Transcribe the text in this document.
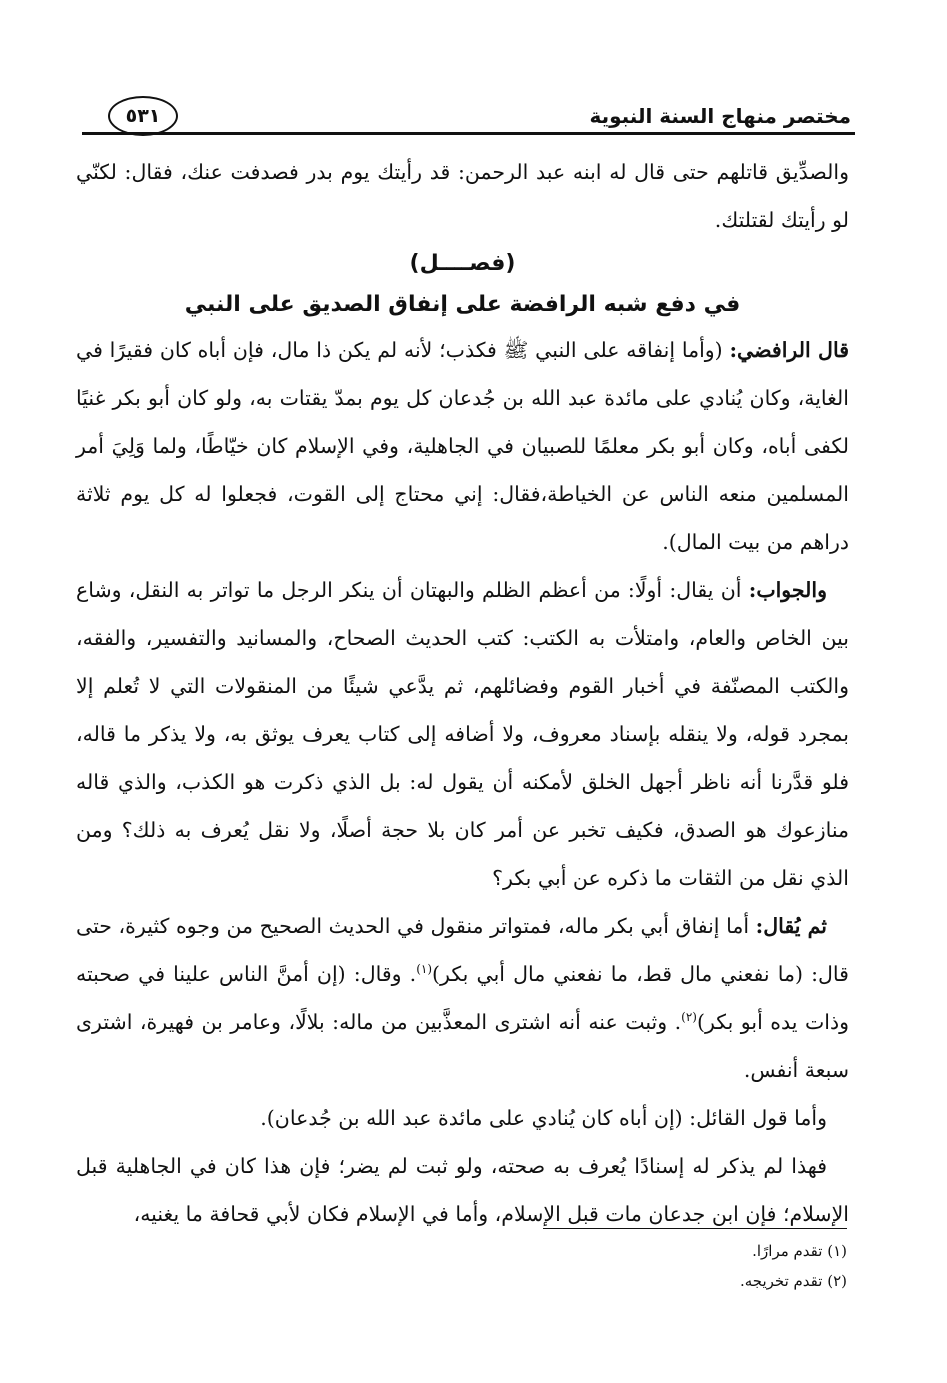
مختصر منهاج السنة النبوية
٥٣١

والصدِّيق قاتلهم حتى قال له ابنه عبد الرحمن: قد رأيتك يوم بدر فصدفت عنك، فقال: لكنّي لو رأيتك لقتلتك.

(فصــــل)

في دفع شبه الرافضة على إنفاق الصديق على النبي

قال الرافضي: (وأما إنفاقه على النبي ﷺ فكذب؛ لأنه لم يكن ذا مال، فإن أباه كان فقيرًا في الغاية، وكان يُنادي على مائدة عبد الله بن جُدعان كل يوم بمدّ يقتات به، ولو كان أبو بكر غنيًا لكفى أباه، وكان أبو بكر معلمًا للصبيان في الجاهلية، وفي الإسلام كان خيّاطًا، ولما وَلِيَ أمر المسلمين منعه الناس عن الخياطة،فقال: إني محتاج إلى القوت، فجعلوا له كل يوم ثلاثة دراهم من بيت المال).

والجواب: أن يقال: أولًا: من أعظم الظلم والبهتان أن ينكر الرجل ما تواتر به النقل، وشاع بين الخاص والعام، وامتلأت به الكتب: كتب الحديث الصحاح، والمسانيد والتفسير، والفقه، والكتب المصنّفة في أخبار القوم وفضائلهم، ثم يدَّعي شيئًا من المنقولات التي لا تُعلم إلا بمجرد قوله، ولا ينقله بإسناد معروف، ولا أضافه إلى كتاب يعرف يوثق به، ولا يذكر ما قاله، فلو قدَّرنا أنه ناظر أجهل الخلق لأمكنه أن يقول له: بل الذي ذكرت هو الكذب، والذي قاله منازعوك هو الصدق، فكيف تخبر عن أمر كان بلا حجة أصلًا، ولا نقل يُعرف به ذلك؟ ومن الذي نقل من الثقات ما ذكره عن أبي بكر؟

ثم يُقال: أما إنفاق أبي بكر ماله، فمتواتر منقول في الحديث الصحيح من وجوه كثيرة، حتى قال: (ما نفعني مال قط، ما نفعني مال أبي بكر)$^{(١)}$. وقال: (إن أمنَّ الناس علينا في صحبته وذات يده أبو بكر)$^{(٢)}$. وثبت عنه أنه اشترى المعذَّبين من ماله: بلالًا، وعامر بن فهيرة، اشترى سبعة أنفس.

وأما قول القائل: (إن أباه كان يُنادي على مائدة عبد الله بن جُدعان).

فهذا لم يذكر له إسنادًا يُعرف به صحته، ولو ثبت لم يضر؛ فإن هذا كان في الجاهلية قبل الإسلام؛ فإن ابن جدعان مات قبل الإسلام، وأما في الإسلام فكان لأبي قحافة ما يغنيه،

(١) تقدم مرارًا.

(٢) تقدم تخريجه.
